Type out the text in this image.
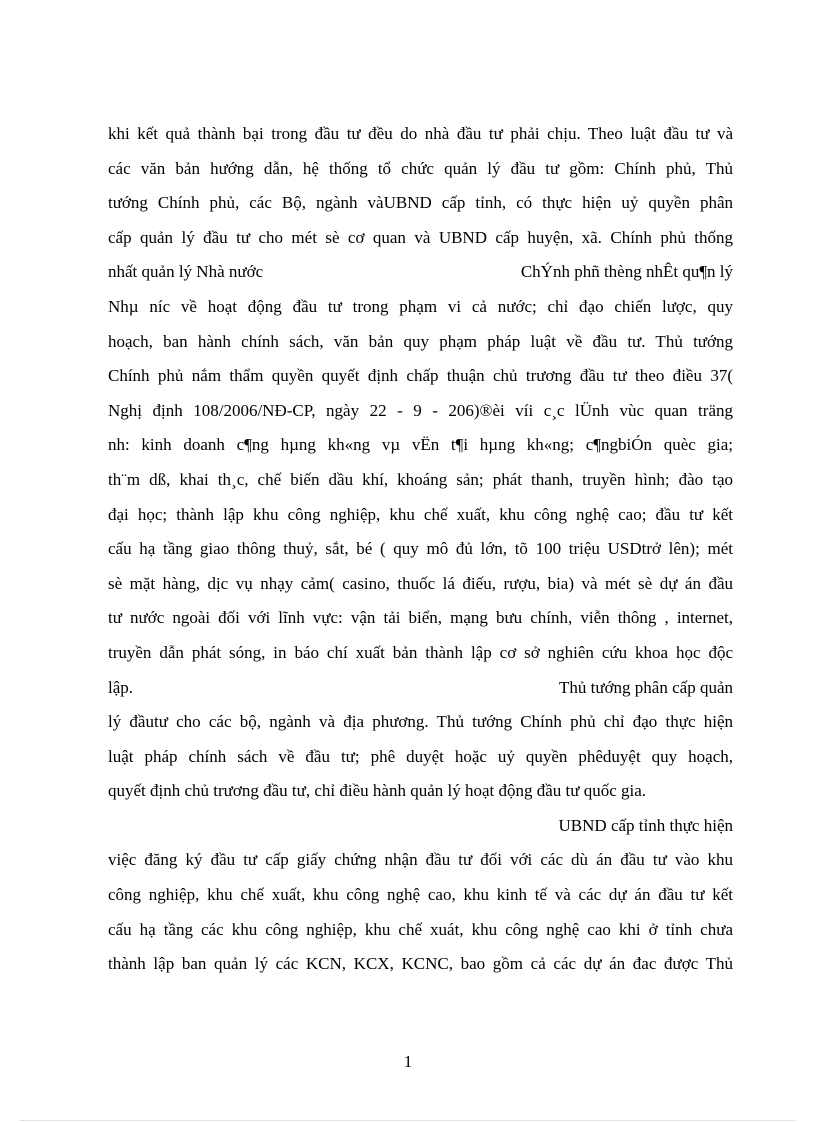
khi kết quả thành bại trong đầu tư đều do nhà đầu tư phải chịu. Theo luật đầu tư và
các văn bản hướng dẫn, hệ thống tổ chức quản lý đầu tư gồm: Chính phủ, Thủ
tướng Chính phủ, các Bộ, ngành vàUBND cấp tỉnh, có thực hiện uỷ quyền phân
cấp quản lý đầu tư cho mét sè cơ quan và UBND cấp huyện, xã. Chính phủ thống
nhất quản lý Nhà nước	ChÝnh phñ thèng nhÊt qu¶n lý
Nhµ níc về hoạt động đầu tư trong phạm vi cả nước; chỉ đạo chiến lược, quy
hoạch, ban hành chính sách, văn bản quy phạm pháp luật về đầu tư. Thủ tướng
Chính phủ nắm thẩm quyền quyết định chấp thuận chủ trương đầu tư theo điều 37(
Nghị định 108/2006/NĐ-CP, ngày 22 - 9 - 206)®èi víi c¸c lÜnh vùc quan träng
nh: kinh doanh c¶ng hµng kh«ng vµ vËn t¶i hµng kh«ng; c¶ngbiÓn quèc gia;
th¨m dß, khai th¸c, chế biến dầu khí, khoáng sản; phát thanh, truyền hình; đào tạo
đại học; thành lập khu công nghiệp, khu chế xuất, khu công nghệ cao; đầu tư kết
cấu hạ tầng giao thông thuỷ, sắt, bé ( quy mô đủ lớn, tõ 100 triệu USDtrở lên); mét
sè mặt hàng, dịc vụ nhạy cảm( casino, thuốc lá điếu, rượu, bia) và mét sè dự án đầu
tư nước ngoài đối với lĩnh vực: vận tải biển, mạng bưu chính, viễn thông , internet,
truyền dẫn phát sóng, in báo chí xuất bản thành lập cơ sở nghiên cứu khoa học độc
lập.	Thủ tướng phân cấp quản
lý đầutư cho các bộ, ngành và địa phương. Thủ tướng Chính phủ chỉ đạo thực hiện
luật pháp chính sách về đầu tư; phê duyệt hoặc uỷ quyền phêduyệt quy hoạch,
quyết định chủ trương đầu tư, chỉ điều hành quản lý hoạt động đầu tư quốc gia.
UBND cấp tỉnh thực hiện
việc đăng ký đầu tư cấp giấy chứng nhận đầu tư đối với các dù án đầu tư vào khu
công nghiệp, khu chế xuất, khu công nghệ cao, khu kinh tế và các dự án đầu tư kết
cấu hạ tầng các khu công nghiệp, khu chế xuát, khu công nghệ cao khi ở tỉnh chưa
thành lập ban quản lý các KCN, KCX, KCNC, bao gồm cả các dự án đac được Thủ
1
